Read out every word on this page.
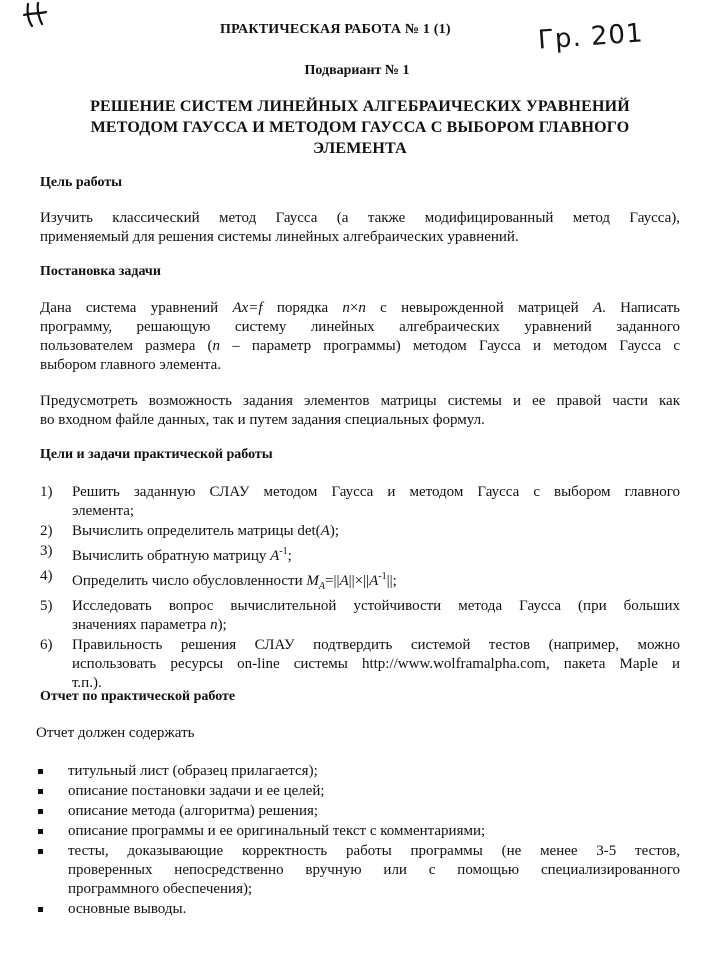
Гр. 201
ПРАКТИЧЕСКАЯ РАБОТА № 1 (1)
Подвариант № 1
РЕШЕНИЕ СИСТЕМ ЛИНЕЙНЫХ АЛГЕБРАИЧЕСКИХ УРАВНЕНИЙ
МЕТОДОМ ГАУССА И МЕТОДОМ ГАУССА С ВЫБОРОМ ГЛАВНОГО
ЭЛЕМЕНТА
Цель работы
Изучить классический метод Гаусса (а также модифицированный метод Гаусса),
применяемый для решения системы линейных алгебраических уравнений.
Постановка задачи
Дана система уравнений Ax=f порядка n×n с невырожденной матрицей A. Написать
программу, решающую систему линейных алгебраических уравнений заданного
пользователем размера (n – параметр программы) методом Гаусса и методом Гаусса с
выбором главного элемента.
Предусмотреть возможность задания элементов матрицы системы и ее правой части как
во входном файле данных, так и путем задания специальных формул.
Цели и задачи практической работы
1) Решить заданную СЛАУ методом Гаусса и методом Гаусса с выбором главного
элемента;
2) Вычислить определитель матрицы det(A);
3) Вычислить обратную матрицу $A^{-1}$;
4) Определить число обусловленности $M_A=||A||\times||A^{-1}||$;
5) Исследовать вопрос вычислительной устойчивости метода Гаусса (при больших
значениях параметра n);
6) Правильность решения СЛАУ подтвердить системой тестов (например, можно
использовать ресурсы on-line системы http://www.wolframalpha.com, пакета Maple и
т.п.).
Отчет по практической работе
Отчет должен содержать
титульный лист (образец прилагается);
описание постановки задачи и ее целей;
описание метода (алгоритма) решения;
описание программы и ее оригинальный текст с комментариями;
тесты, доказывающие корректность работы программы (не менее 3-5 тестов,
проверенных непосредственно вручную или с помощью специализированного
программного обеспечения);
основные выводы.
